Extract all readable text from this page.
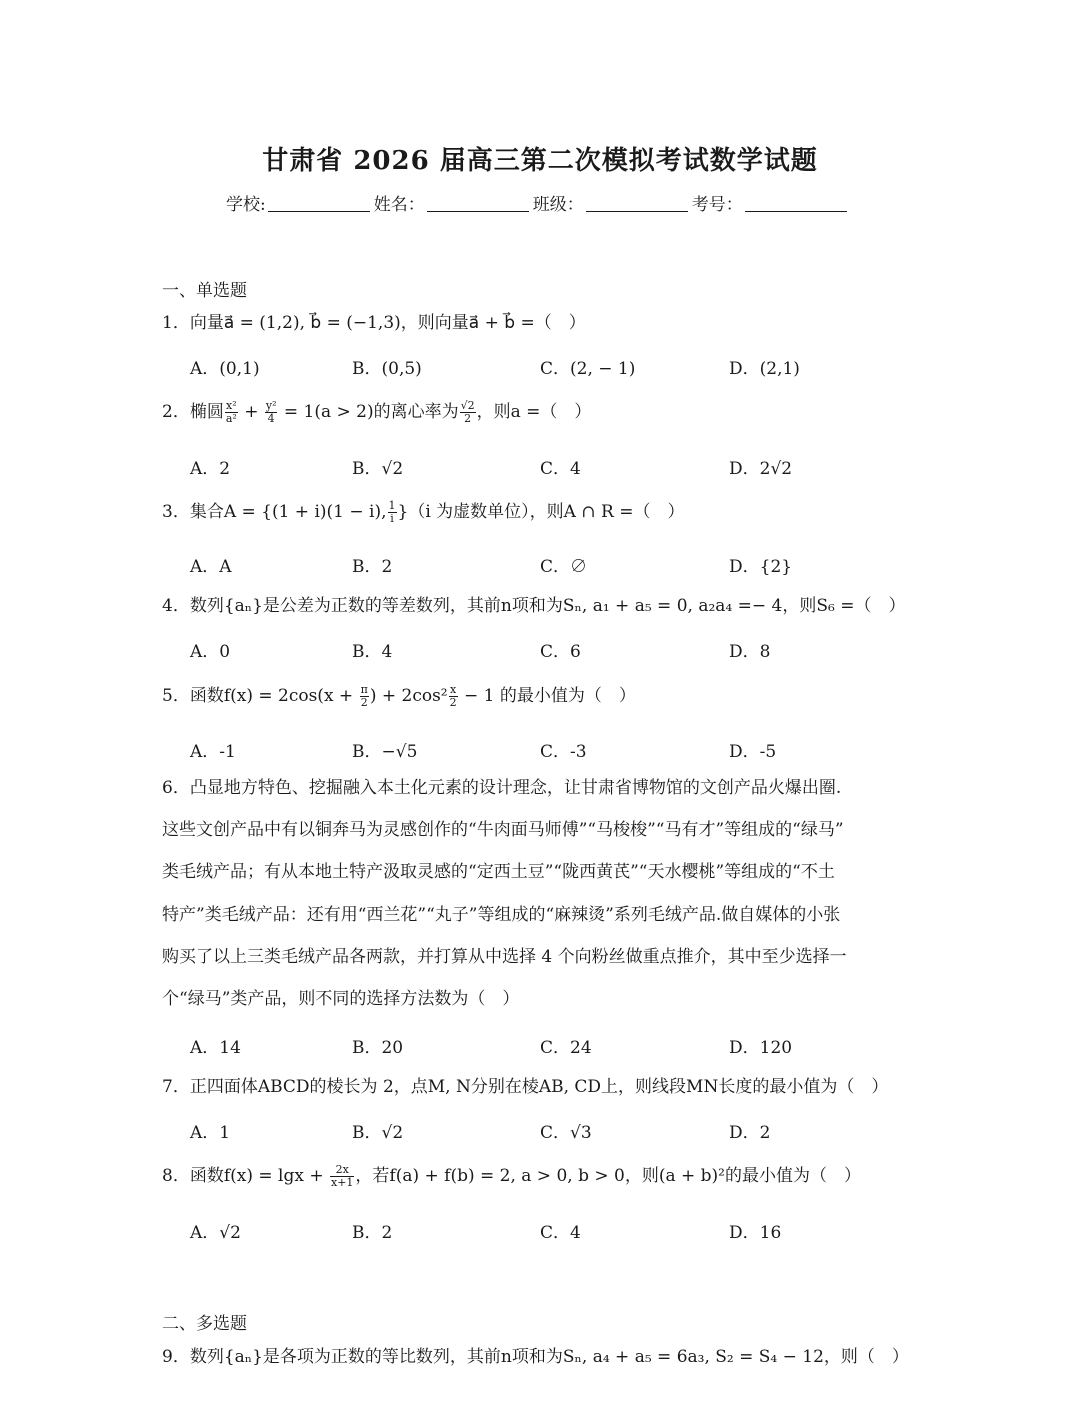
甘肃省 2026 届高三第二次模拟考试数学试题
学校:	姓名：	班级：	考号：
一、单选题
1．向量a⃗ = (1,2), b⃗ = (−1,3)，则向量a⃗ + b⃗ =（　）
A．(0,1)	B．(0,5)	C．(2, − 1)	D．(2,1)
2．椭圆 $\frac{\text{x²}}{\text{a²}} + \frac{\text{y²}}{4} = 1(a > 2)$的离心率为 $\frac{√2}{2}$ ，则a =（　）
A．2	B．√2	C．4	D．2√2
3．集合A = {(1 + i)(1 − i), $\frac{1}{i} \}(i$ 为虚数单位），则A ∩ R =（　）
A．A	B．2	C．∅	D．{2}
4．数列{aₙ}是公差为正数的等差数列，其前n项和为Sₙ, a₁ + a₅ = 0, a₂a₄ =− 4，则S₆ =（　）
A．0	B．4	C．6	D．8
5．函数$f(x) = 2\cos(x + \frac{\pi}{2}$ ) + $2\cos^2 \frac{x}{2} - 1$ 的最小值为（　）
A．-1	B．−√5	C．-3	D．-5
6．凸显地方特色、挖掘融入本土化元素的设计理念，让甘肃省博物馆的文创产品火爆出圈.
这些文创产品中有以铜奔马为灵感创作的“牛肉面马师傅”“马梭梭”“马有才”等组成的“绿马”
类毛绒产品；有从本地土特产汲取灵感的“定西土豆”“陇西黄芪”“天水樱桃”等组成的“不土
特产”类毛绒产品：还有用“西兰花”“丸子”等组成的“麻辣烫”系列毛绒产品.做自媒体的小张
购买了以上三类毛绒产品各两款，并打算从中选择 4 个向粉丝做重点推介，其中至少选择一
个“绿马”类产品，则不同的选择方法数为（　）
A．14	B．20	C．24	D．120
7．正四面体ABCD的棱长为 2，点M, N分别在棱AB, CD上，则线段MN长度的最小值为（　）
A．1	B．√2	C．√3	D．2
8．函数$f(x) = \lg x + \frac{2x}{x+1}$ ，若f(a) + f(b) = 2, a > 0, b > 0，则(a + b)²的最小值为（　）
A．√2	B．2	C．4	D．16
二、多选题
9．数列{aₙ}是各项为正数的等比数列，其前n项和为Sₙ, a₄ + a₅ = 6a₃, S₂ = S₄ − 12，则（　）
